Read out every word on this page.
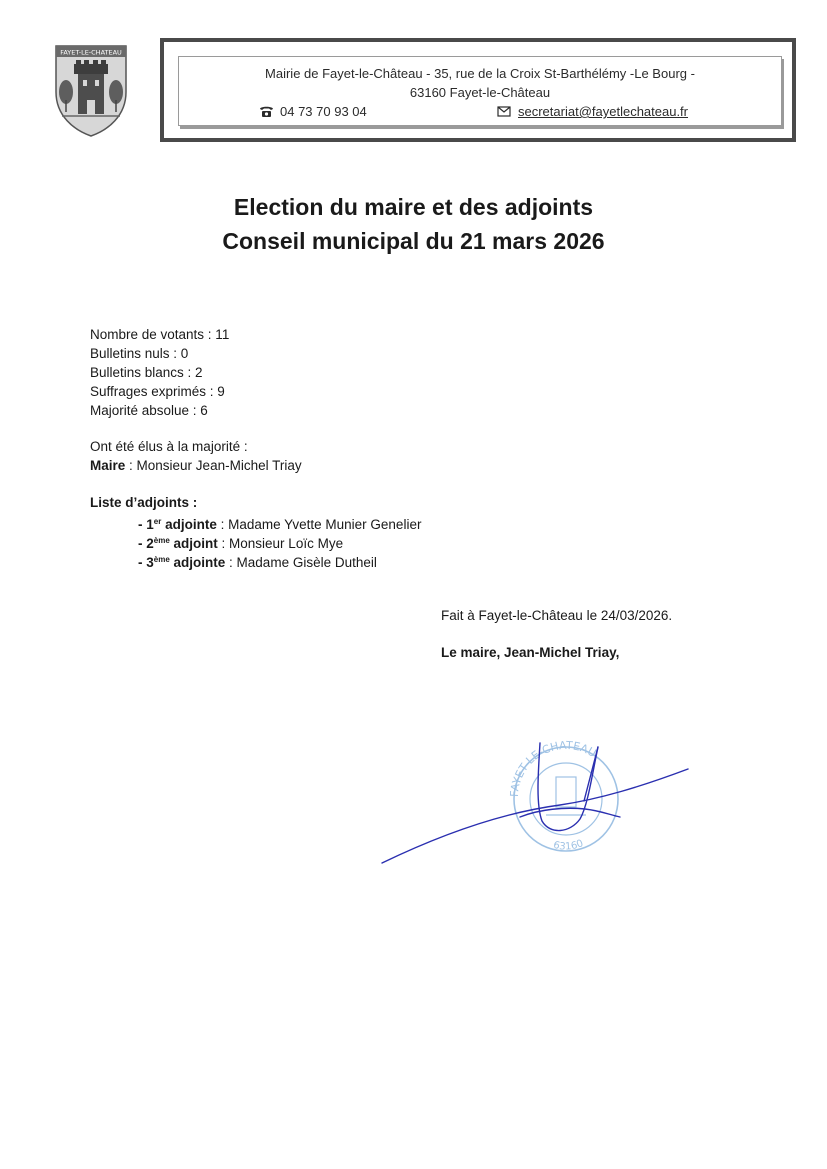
FAYET-LE-CHATEAU
Mairie de Fayet-le-Château - 35, rue de la Croix St-Barthélémy -Le Bourg -
63160 Fayet-le-Château
04 73 70 93 04	secretariat@fayetlechateau.fr
Election du maire et des adjoints
Conseil municipal du 21 mars 2026
Nombre de votants : 11
Bulletins nuls : 0
Bulletins blancs : 2
Suffrages exprimés : 9
Majorité absolue : 6
Ont été élus à la majorité :
Maire : Monsieur Jean-Michel Triay
Liste d’adjoints :
- 1er adjointe : Madame Yvette Munier Genelier
- 2ème adjoint : Monsieur Loïc Mye
- 3ème adjointe : Madame Gisèle Dutheil
Fait à Fayet-le-Château le 24/03/2026.
Le maire, Jean-Michel Triay,
FAYET-LE-CHATEAU
63160
